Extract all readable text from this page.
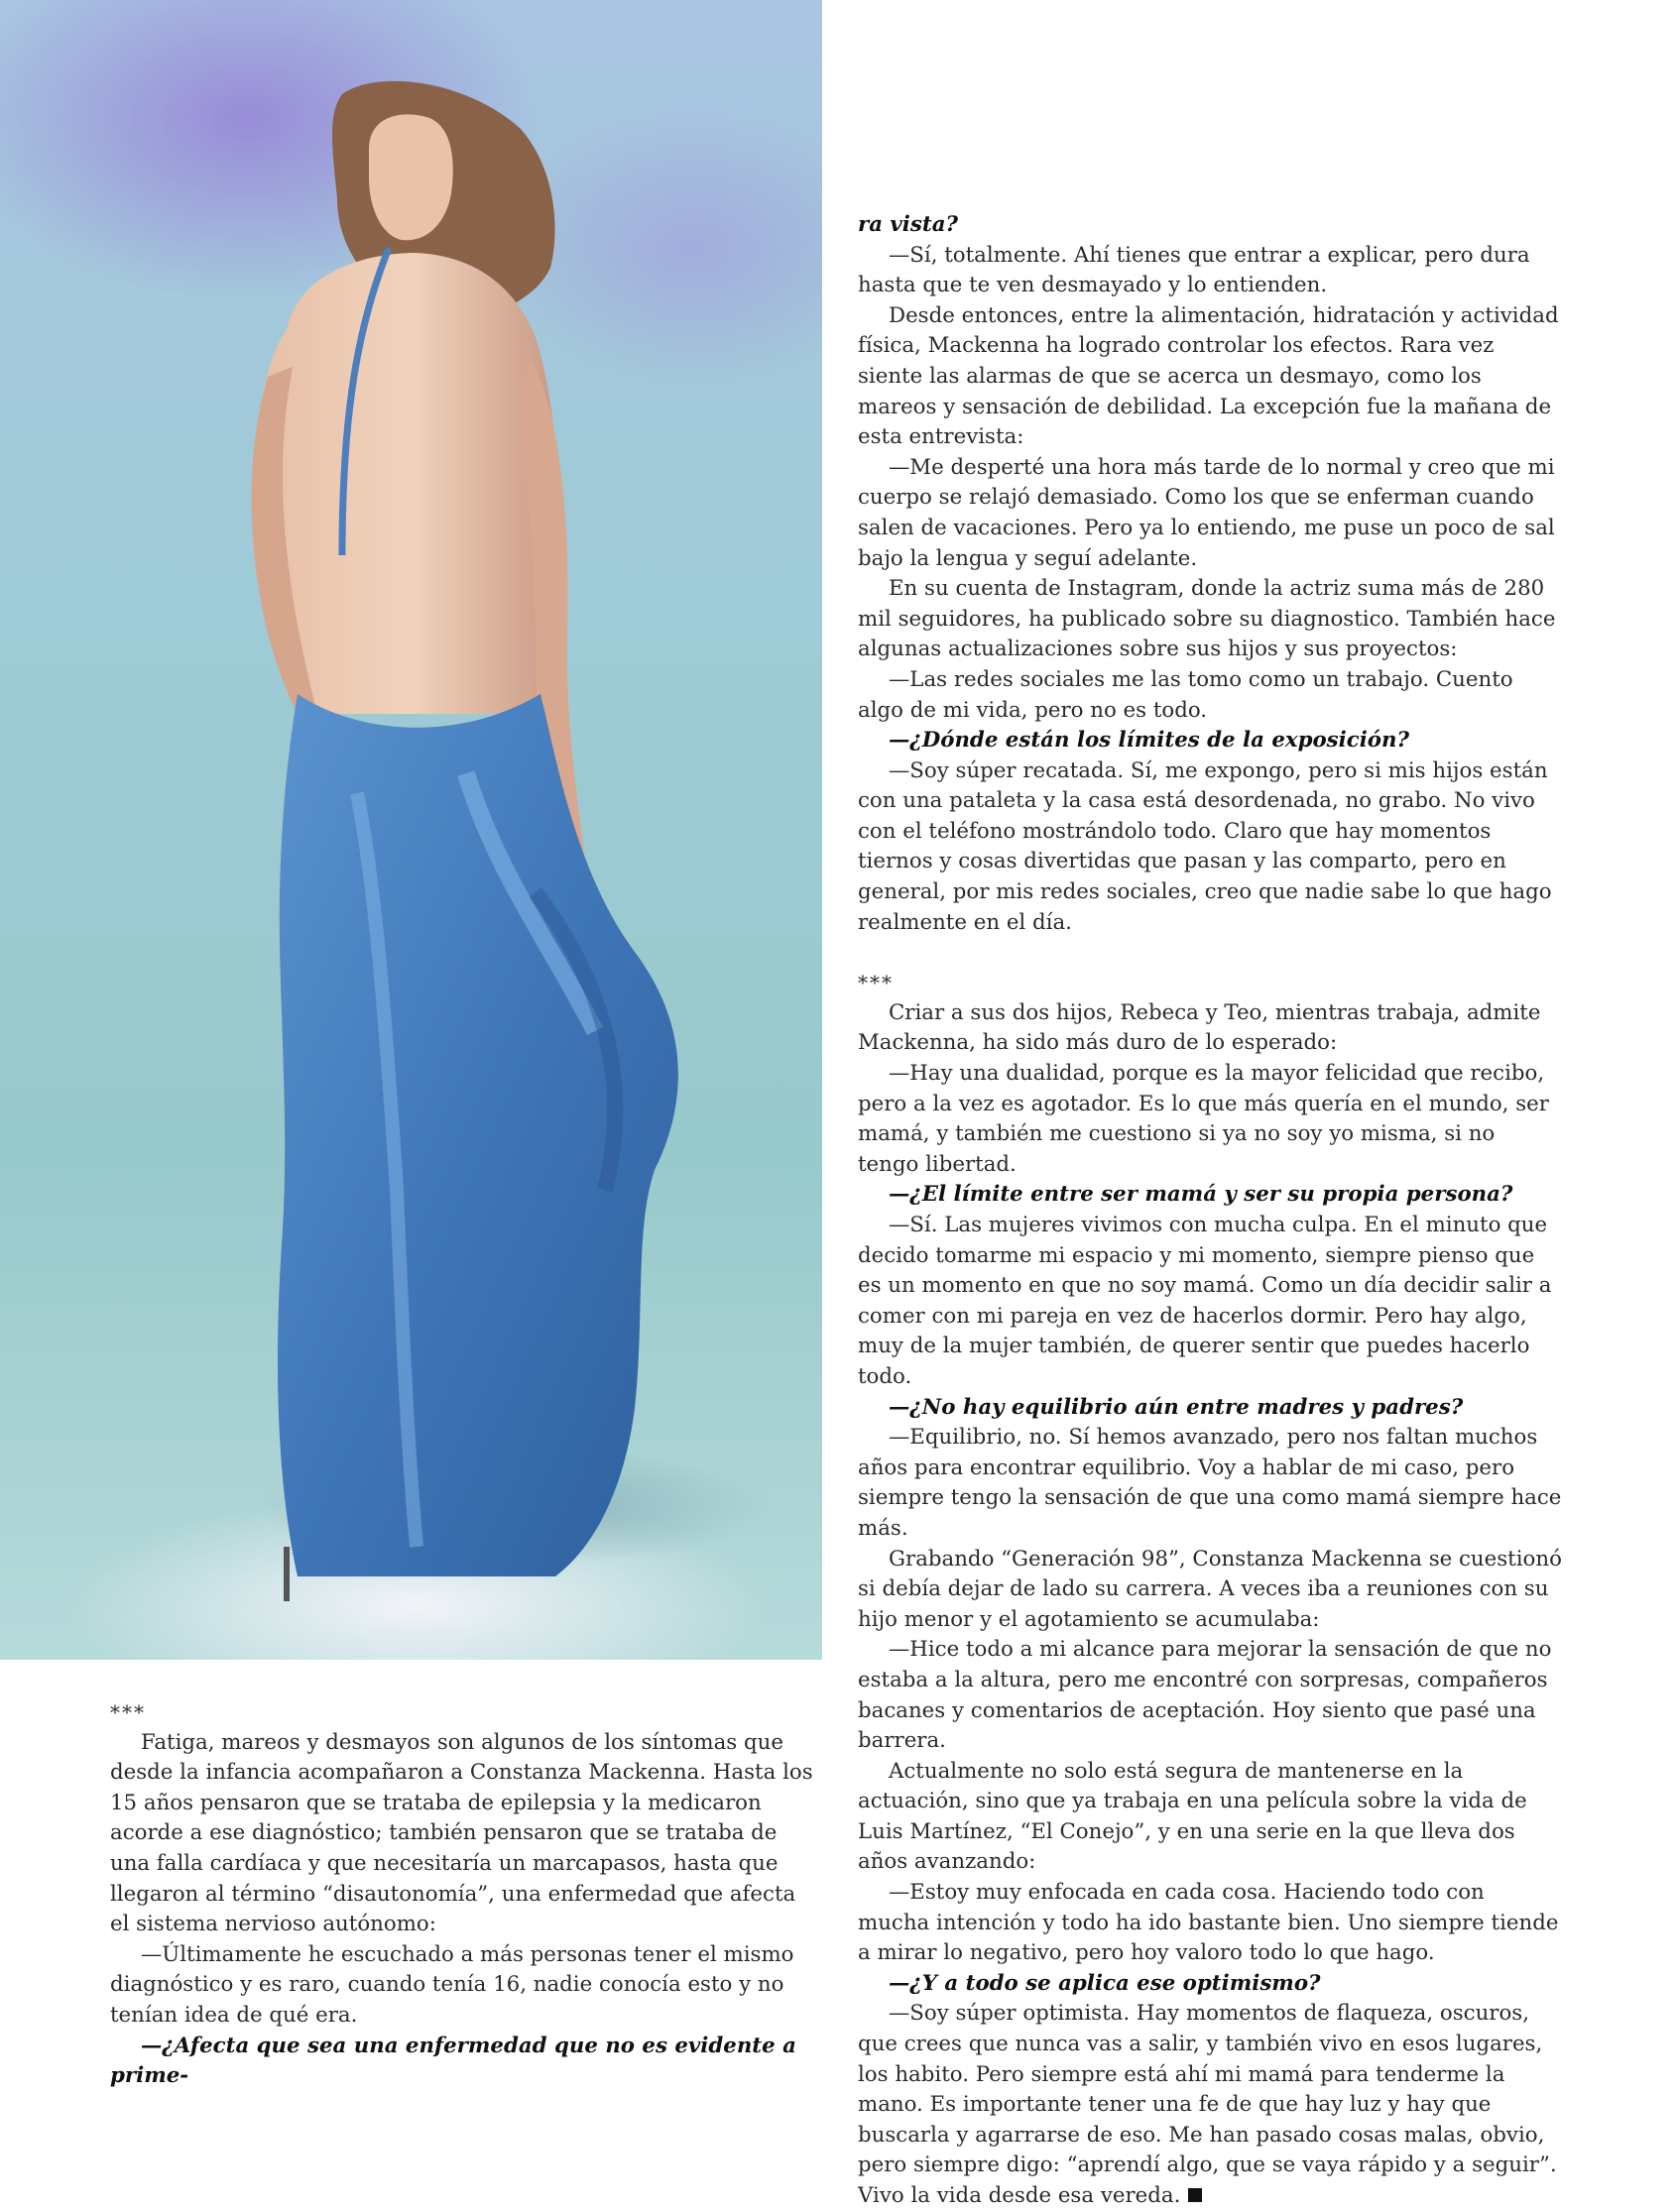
***

Fatiga, mareos y desmayos son algunos de los síntomas que desde la infancia acompañaron a Constanza Mackenna. Hasta los 15 años pensaron que se trataba de epilepsia y la medicaron acorde a ese diagnóstico; también pensaron que se trataba de una falla cardíaca y que necesitaría un marcapasos, hasta que llegaron al término “disautonomía”, una enfermedad que afecta el sistema nervioso autónomo:

—Últimamente he escuchado a más personas tener el mismo diagnóstico y es raro, cuando tenía 16, nadie conocía esto y no tenían idea de qué era.

—¿Afecta que sea una enfermedad que no es evidente a prime-

ra vista?

—Sí, totalmente. Ahí tienes que entrar a explicar, pero dura hasta que te ven desmayado y lo entienden.

Desde entonces, entre la alimentación, hidratación y actividad física, Mackenna ha logrado controlar los efectos. Rara vez siente las alarmas de que se acerca un desmayo, como los mareos y sensación de debilidad. La excepción fue la mañana de esta entrevista:

—Me desperté una hora más tarde de lo normal y creo que mi cuerpo se relajó demasiado. Como los que se enferman cuando salen de vacaciones. Pero ya lo entiendo, me puse un poco de sal bajo la lengua y seguí adelante.

En su cuenta de Instagram, donde la actriz suma más de 280 mil seguidores, ha publicado sobre su diagnostico. También hace algunas actualizaciones sobre sus hijos y sus proyectos:

—Las redes sociales me las tomo como un trabajo. Cuento algo de mi vida, pero no es todo.

—¿Dónde están los límites de la exposición?

—Soy súper recatada. Sí, me expongo, pero si mis hijos están con una pataleta y la casa está desordenada, no grabo. No vivo con el teléfono mostrándolo todo. Claro que hay momentos tiernos y cosas divertidas que pasan y las comparto, pero en general, por mis redes sociales, creo que nadie sabe lo que hago realmente en el día.

***

Criar a sus dos hijos, Rebeca y Teo, mientras trabaja, admite Mackenna, ha sido más duro de lo esperado:

—Hay una dualidad, porque es la mayor felicidad que recibo, pero a la vez es agotador. Es lo que más quería en el mundo, ser mamá, y también me cuestiono si ya no soy yo misma, si no tengo libertad.

—¿El límite entre ser mamá y ser su propia persona?

—Sí. Las mujeres vivimos con mucha culpa. En el minuto que decido tomarme mi espacio y mi momento, siempre pienso que es un momento en que no soy mamá. Como un día decidir salir a comer con mi pareja en vez de hacerlos dormir. Pero hay algo, muy de la mujer también, de querer sentir que puedes hacerlo todo.

—¿No hay equilibrio aún entre madres y padres?

—Equilibrio, no. Sí hemos avanzado, pero nos faltan muchos años para encontrar equilibrio. Voy a hablar de mi caso, pero siempre tengo la sensación de que una como mamá siempre hace más.

Grabando “Generación 98”, Constanza Mackenna se cuestionó si debía dejar de lado su carrera. A veces iba a reuniones con su hijo menor y el agotamiento se acumulaba:

—Hice todo a mi alcance para mejorar la sensación de que no estaba a la altura, pero me encontré con sorpresas, compañeros bacanes y comentarios de aceptación. Hoy siento que pasé una barrera.

Actualmente no solo está segura de mantenerse en la actuación, sino que ya trabaja en una película sobre la vida de Luis Martínez, “El Conejo”, y en una serie en la que lleva dos años avanzando:

—Estoy muy enfocada en cada cosa. Haciendo todo con mucha intención y todo ha ido bastante bien. Uno siempre tiende a mirar lo negativo, pero hoy valoro todo lo que hago.

—¿Y a todo se aplica ese optimismo?

—Soy súper optimista. Hay momentos de flaqueza, oscuros, que crees que nunca vas a salir, y también vivo en esos lugares, los habito. Pero siempre está ahí mi mamá para tenderme la mano. Es importante tener una fe de que hay luz y hay que buscarla y agarrarse de eso. Me han pasado cosas malas, obvio, pero siempre digo: “aprendí algo, que se vaya rápido y a seguir”. Vivo la vida desde esa vereda.
